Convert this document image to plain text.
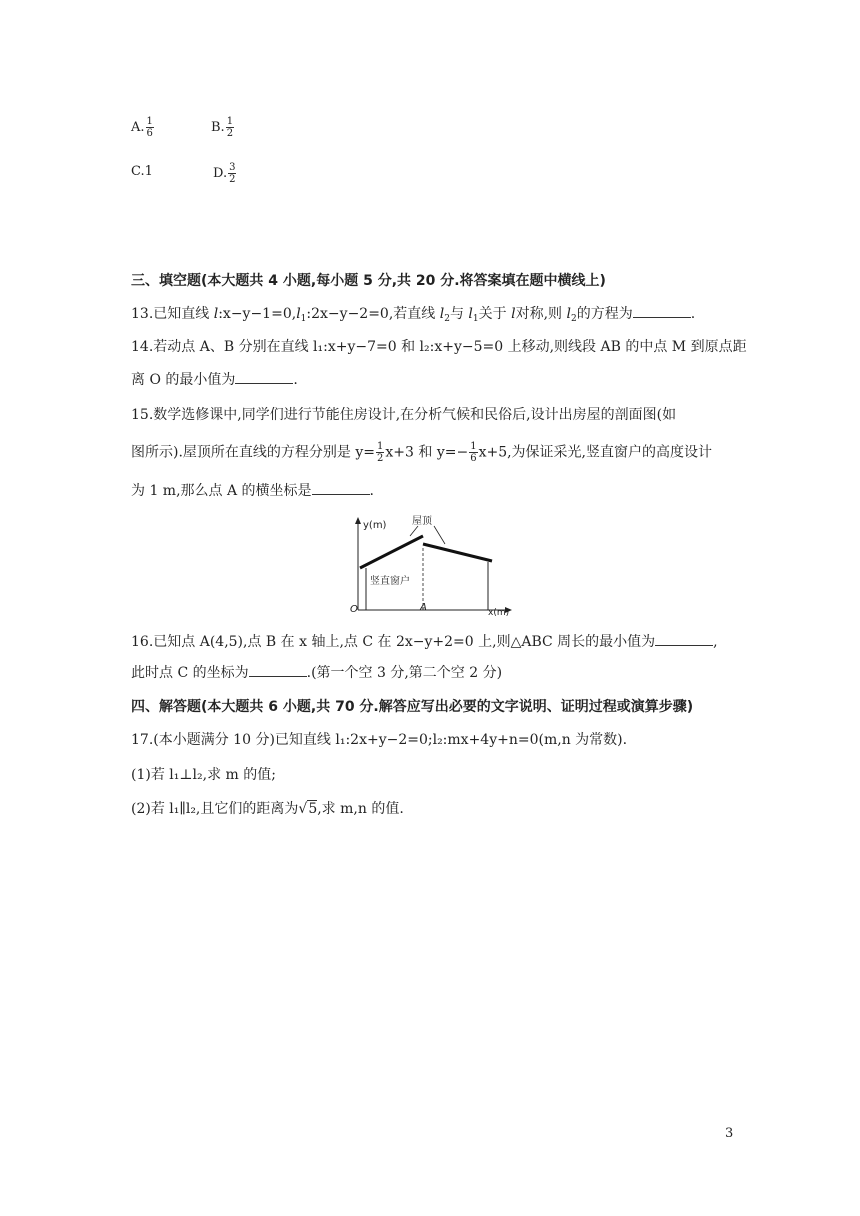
A. $\frac{1}{6}$	B. $\frac{1}{2}$
C.1	D. $\frac{3}{2}$
三、填空题(本大题共 4 小题,每小题 5 分,共 20 分.将答案填在题中横线上)
13.已知直线 $l:x-y-1=0,l_1:2x-y-2=0$,若直线 $l_2$与 $l_1$关于 l对称,则 $l_2$的方程为	.
14.若动点 A、B 分别在直线 l₁:x+y−7=0 和 l₂:x+y−5=0 上移动,则线段 AB 的中点 M 到原点距
离 O 的最小值为	.
15.数学选修课中,同学们进行节能住房设计,在分析气候和民俗后,设计出房屋的剖面图(如
图所示).屋顶所在直线的方程分别是 $y= \frac{1}{2} x+3$ 和 $y=- \frac{1}{6} x+5$,为保证采光,竖直窗户的高度设计
为 1 m,那么点 A 的横坐标是	.
y(m)	屋顶
竖直窗户
O	A	x(m)
16.已知点 A(4,5),点 B 在 x 轴上,点 C 在 2x−y+2=0 上,则△ABC 周长的最小值为	,
此时点 C 的坐标为	.(第一个空 3 分,第二个空 2 分)
四、解答题(本大题共 6 小题,共 70 分.解答应写出必要的文字说明、证明过程或演算步骤)
17.(本小题满分 10 分)已知直线 l₁:2x+y−2=0;l₂:mx+4y+n=0(m,n 为常数).
(1)若 l₁⊥l₂,求 m 的值;
(2)若 l₁∥l₂,且它们的距离为√5,求 m,n 的值.
3
